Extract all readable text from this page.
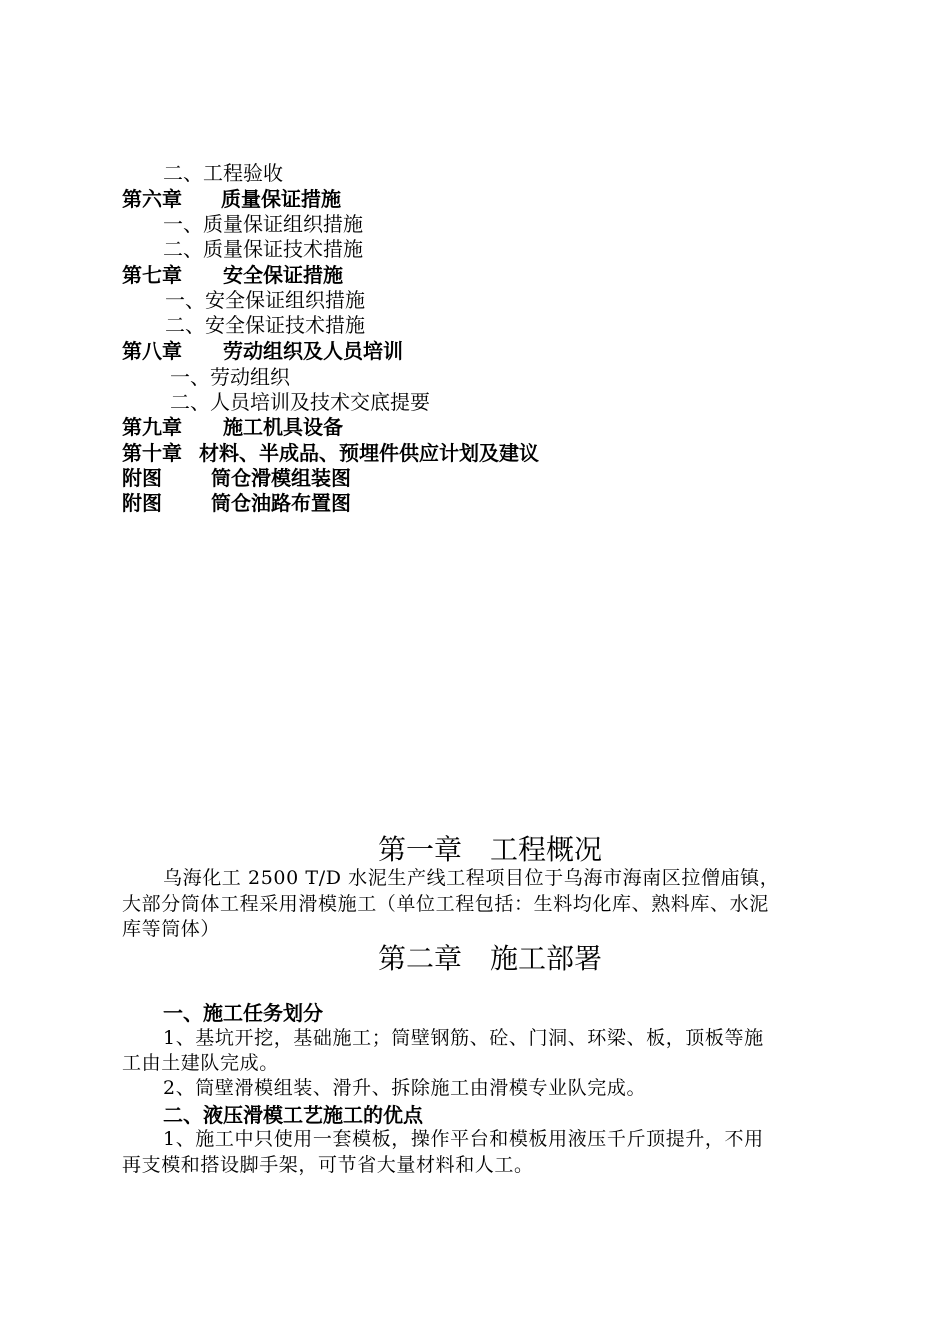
二、工程验收
第六章 质量保证措施
一、质量保证组织措施
二、质量保证技术措施
第七章 安全保证措施
一、安全保证组织措施
二、安全保证技术措施
第八章 劳动组织及人员培训
一、劳动组织
二、人员培训及技术交底提要
第九章 施工机具设备
第十章 材料、半成品、预埋件供应计划及建议
附图 筒仓滑模组装图
附图 筒仓油路布置图
第一章　工程概况
乌海化工 2500 T/D 水泥生产线工程项目位于乌海市海南区拉僧庙镇，
大部分筒体工程采用滑模施工（单位工程包括：生料均化库、熟料库、水泥
库等筒体）
第二章　施工部署
一、施工任务划分
1、基坑开挖，基础施工；筒壁钢筋、砼、门洞、环梁、板，顶板等施
工由土建队完成。
2、筒壁滑模组装、滑升、拆除施工由滑模专业队完成。
二、液压滑模工艺施工的优点
1、施工中只使用一套模板，操作平台和模板用液压千斤顶提升，不用
再支模和搭设脚手架，可节省大量材料和人工。
